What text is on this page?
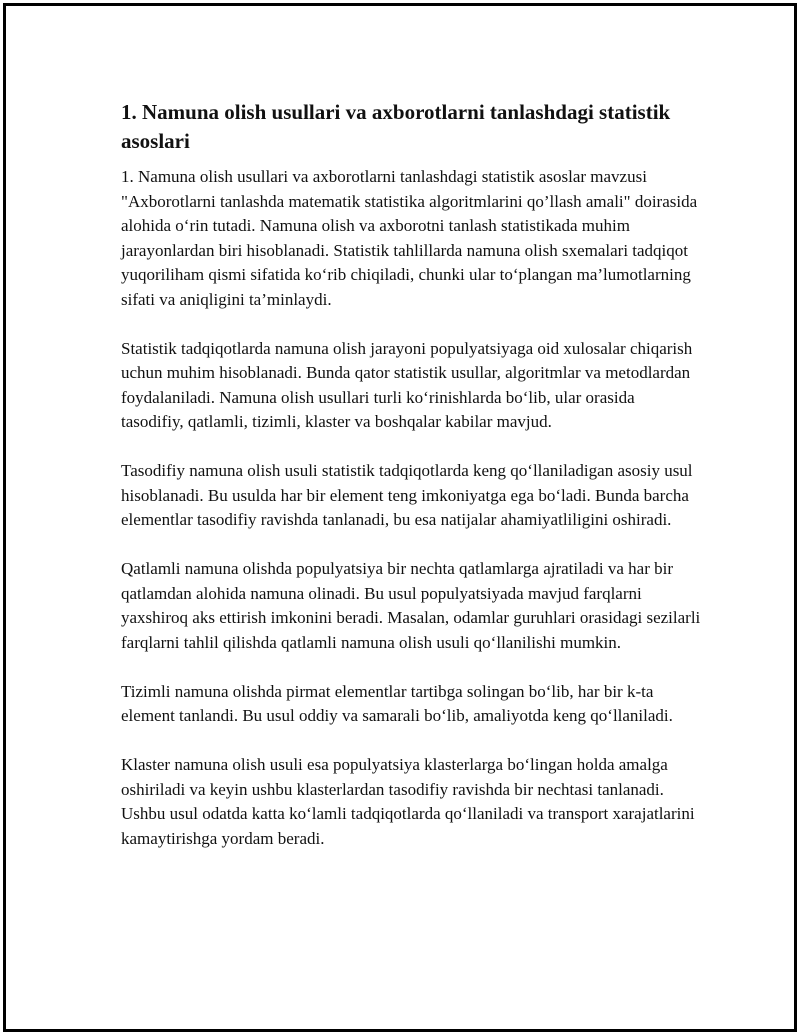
1. Namuna olish usullari va axborotlarni tanlashdagi statistik asoslari

1. Namuna olish usullari va axborotlarni tanlashdagi statistik asoslar mavzusi "Axborotlarni tanlashda matematik statistika algoritmlarini qo’llash amali" doirasida alohida o‘rin tutadi. Namuna olish va axborotni tanlash statistikada muhim jarayonlardan biri hisoblanadi. Statistik tahlillarda namuna olish sxemalari tadqiqot yuqoriliham qismi sifatida ko‘rib chiqiladi, chunki ular to‘plangan ma’lumotlarning sifati va aniqligini ta’minlaydi.

Statistik tadqiqotlarda namuna olish jarayoni populyatsiyaga oid xulosalar chiqarish uchun muhim hisoblanadi. Bunda qator statistik usullar, algoritmlar va metodlardan foydalaniladi. Namuna olish usullari turli ko‘rinishlarda bo‘lib, ular orasida tasodifiy, qatlamli, tizimli, klaster va boshqalar kabilar mavjud.

Tasodifiy namuna olish usuli statistik tadqiqotlarda keng qo‘llaniladigan asosiy usul hisoblanadi. Bu usulda har bir element teng imkoniyatga ega bo‘ladi. Bunda barcha elementlar tasodifiy ravishda tanlanadi, bu esa natijalar ahamiyatliligini oshiradi.

Qatlamli namuna olishda populyatsiya bir nechta qatlamlarga ajratiladi va har bir qatlamdan alohida namuna olinadi. Bu usul populyatsiyada mavjud farqlarni yaxshiroq aks ettirish imkonini beradi. Masalan, odamlar guruhlari orasidagi sezilarli farqlarni tahlil qilishda qatlamli namuna olish usuli qo‘llanilishi mumkin.

Tizimli namuna olishda pirmat elementlar tartibga solingan bo‘lib, har bir k-ta element tanlandi. Bu usul oddiy va samarali bo‘lib, amaliyotda keng qo‘llaniladi.

Klaster namuna olish usuli esa populyatsiya klasterlarga bo‘lingan holda amalga oshiriladi va keyin ushbu klasterlardan tasodifiy ravishda bir nechtasi tanlanadi. Ushbu usul odatda katta ko‘lamli tadqiqotlarda qo‘llaniladi va transport xarajatlarini kamaytirishga yordam beradi.
